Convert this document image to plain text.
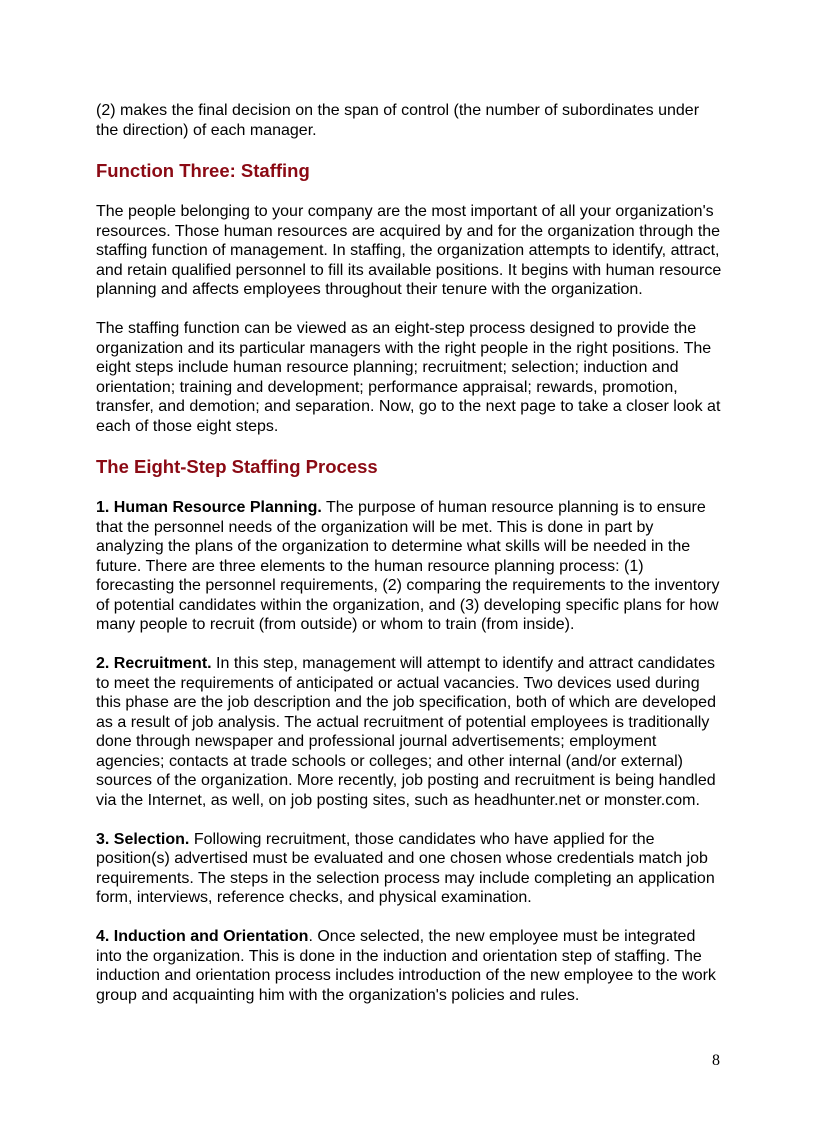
(2) makes the final decision on the span of control (the number of subordinates under the direction) of each manager.

Function Three: Staffing

The people belonging to your company are the most important of all your organization's resources. Those human resources are acquired by and for the organization through the staffing function of management. In staffing, the organization attempts to identify, attract, and retain qualified personnel to fill its available positions. It begins with human resource planning and affects employees throughout their tenure with the organization.

The staffing function can be viewed as an eight-step process designed to provide the organization and its particular managers with the right people in the right positions. The eight steps include human resource planning; recruitment; selection; induction and orientation; training and development; performance appraisal; rewards, promotion, transfer, and demotion; and separation. Now, go to the next page to take a closer look at each of those eight steps.

The Eight-Step Staffing Process

1. Human Resource Planning. The purpose of human resource planning is to ensure that the personnel needs of the organization will be met. This is done in part by analyzing the plans of the organization to determine what skills will be needed in the future. There are three elements to the human resource planning process: (1) forecasting the personnel requirements, (2) comparing the requirements to the inventory of potential candidates within the organization, and (3) developing specific plans for how many people to recruit (from outside) or whom to train (from inside).

2. Recruitment. In this step, management will attempt to identify and attract candidates to meet the requirements of anticipated or actual vacancies. Two devices used during this phase are the job description and the job specification, both of which are developed as a result of job analysis. The actual recruitment of potential employees is traditionally done through newspaper and professional journal advertisements; employment agencies; contacts at trade schools or colleges; and other internal (and/or external) sources of the organization. More recently, job posting and recruitment is being handled via the Internet, as well, on job posting sites, such as headhunter.net or monster.com.

3. Selection. Following recruitment, those candidates who have applied for the position(s) advertised must be evaluated and one chosen whose credentials match job requirements. The steps in the selection process may include completing an application form, interviews, reference checks, and physical examination.

4. Induction and Orientation. Once selected, the new employee must be integrated into the organization. This is done in the induction and orientation step of staffing. The induction and orientation process includes introduction of the new employee to the work group and acquainting him with the organization's policies and rules.

8
